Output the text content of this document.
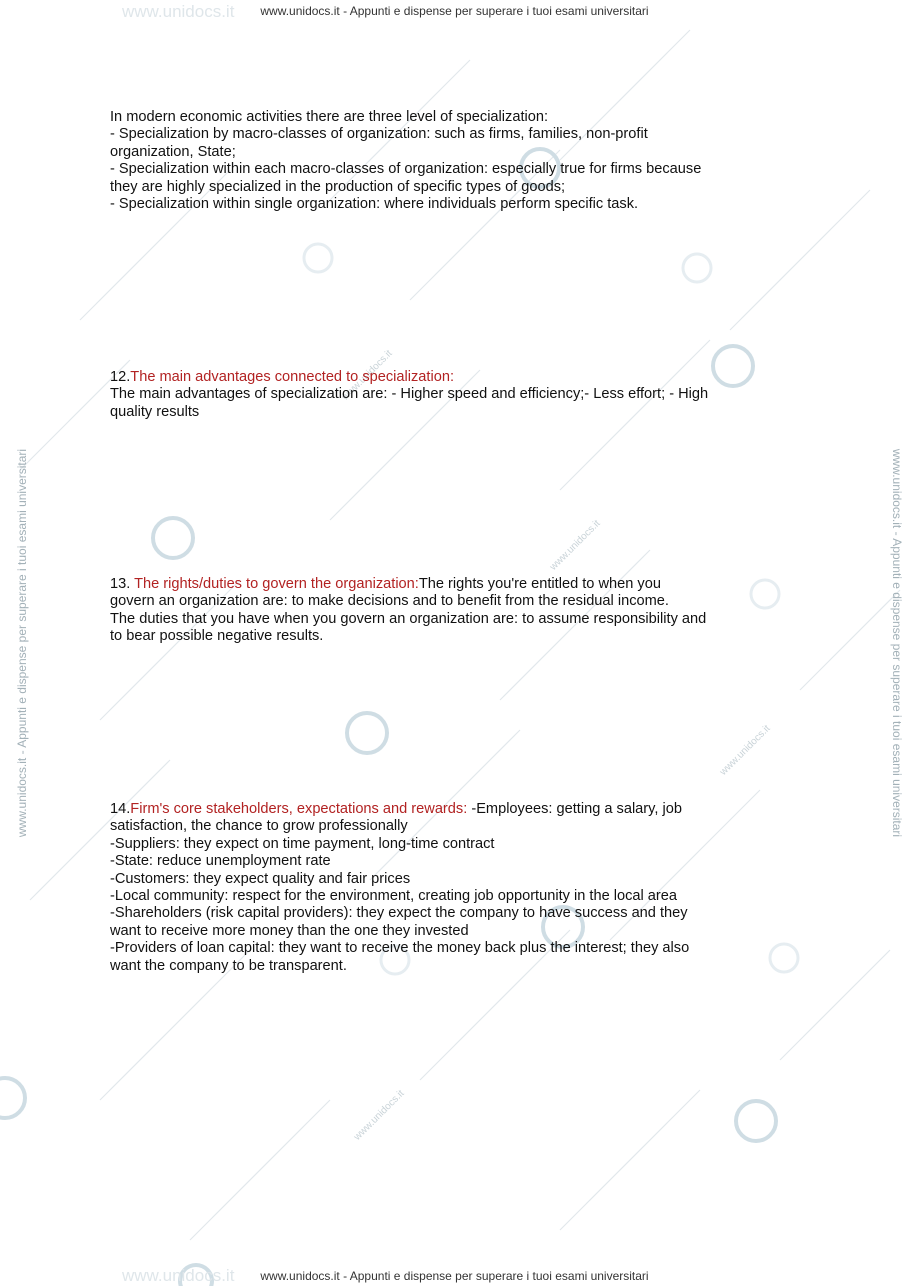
www.unidocs.it
www.unidocs.it
www.unidocs.it
www.unidocs.it
www.unidocs.it
www.unidocs.it
www.unidocs.it - Appunti e dispense per superare i tuoi esami universitari	www.unidocs.it - Appunti e dispense per superare i tuoi esami universitari
www.unidocs.it - Appunti e dispense per superare i tuoi esami universitari
In modern economic activities there are three level of specialization:
- Specialization by macro-classes of organization: such as firms, families, non-profit
organization, State;
- Specialization within each macro-classes of organization: especially true for firms because
they are highly specialized in the production of specific types of goods;
- Specialization within single organization: where individuals perform specific task.
12.The main advantages connected to specialization:
The main advantages of specialization are: - Higher speed and efficiency;- Less effort; - High
quality results
13. The rights/duties to govern the organization:The rights you're entitled to when you
govern an organization are: to make decisions and to benefit from the residual income.
The duties that you have when you govern an organization are: to assume responsibility and
to bear possible negative results.
14.Firm's core stakeholders, expectations and rewards: -Employees: getting a salary, job
satisfaction, the chance to grow professionally
-Suppliers: they expect on time payment, long-time contract
-State: reduce unemployment rate
-Customers: they expect quality and fair prices
-Local community: respect for the environment, creating job opportunity in the local area
-Shareholders (risk capital providers): they expect the company to have success and they
want to receive more money than the one they invested
-Providers of loan capital: they want to receive the money back plus the interest; they also
want the company to be transparent.
www.unidocs.it - Appunti e dispense per superare i tuoi esami universitari
